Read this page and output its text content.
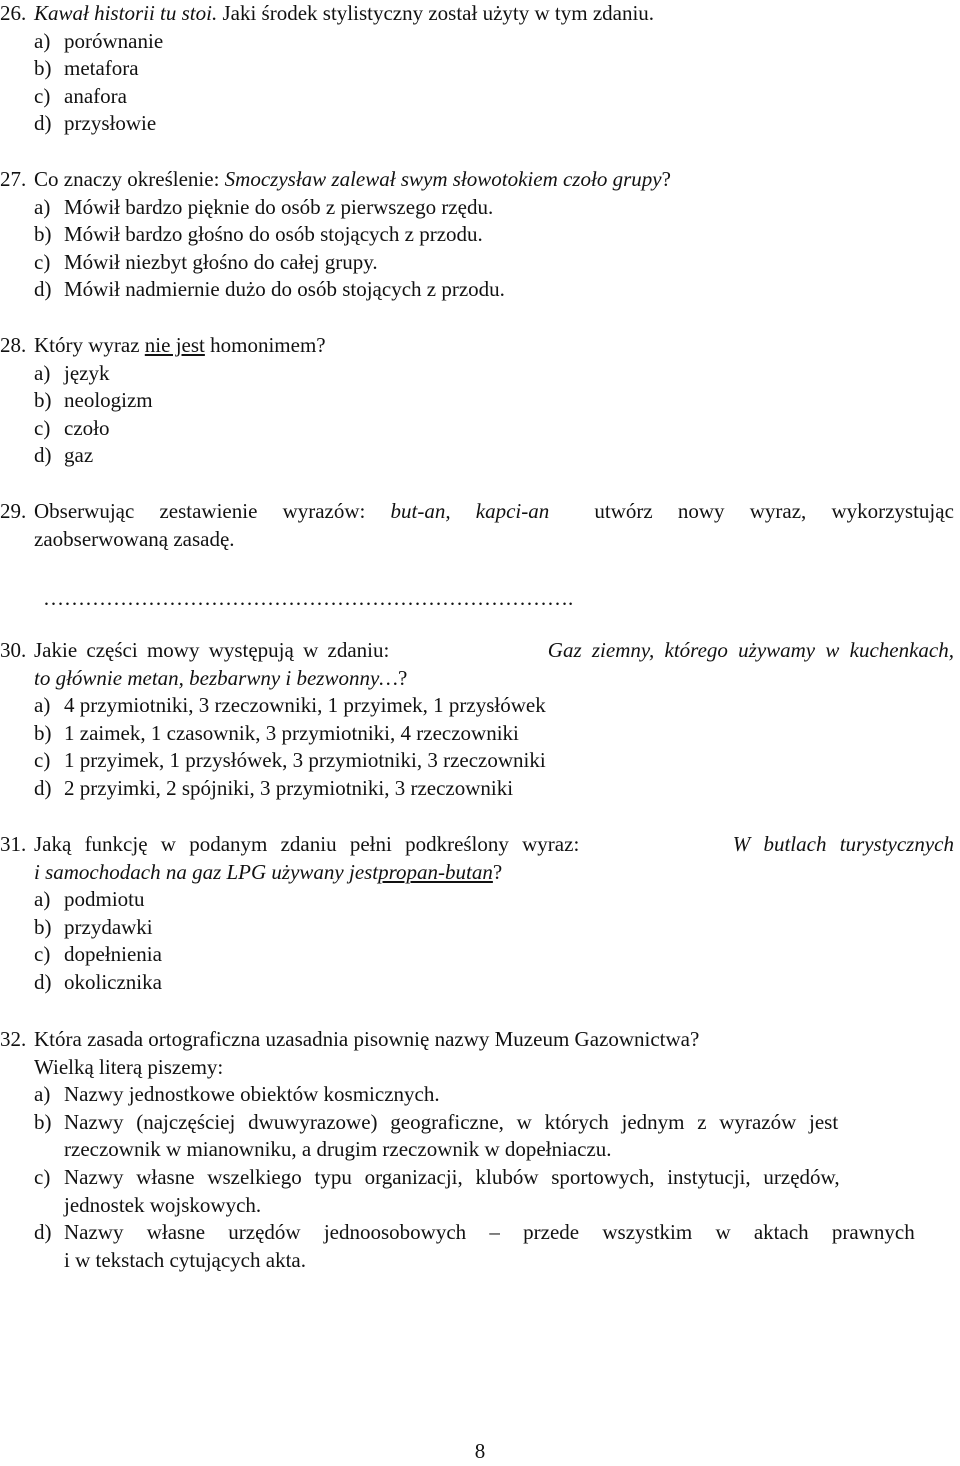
26. Kawał historii tu stoi. Jaki środek stylistyczny został użyty w tym zdaniu.
a) porównanie
b) metafora
c) anafora
d) przysłowie
27. Co znaczy określenie: Smoczysław zalewał swym słowotokiem czoło grupy?
a) Mówił bardzo pięknie do osób z pierwszego rzędu.
b) Mówił bardzo głośno do osób stojących z przodu.
c) Mówił niezbyt głośno do całej grupy.
d) Mówił nadmiernie dużo do osób stojących z przodu.
28. Który wyraz nie jest homonimem?
a) język
b) neologizm
c) czoło
d) gaz
29. Obserwując zestawienie wyrazów: but-an, kapci-an utwórz nowy wyraz, wykorzystując
zaobserwowaną zasadę.
………………………………………………………………….
30. Jakie części mowy występują w zdaniu:	Gaz ziemny, którego używamy w kuchenkach,
to głównie metan, bezbarwny i bezwonny… ?
a) 4 przymiotniki, 3 rzeczowniki, 1 przyimek, 1 przysłówek
b) 1 zaimek, 1 czasownik, 3 przymiotniki, 4 rzeczowniki
c) 1 przyimek, 1 przysłówek, 3 przymiotniki, 3 rzeczowniki
d) 2 przyimki, 2 spójniki, 3 przymiotniki, 3 rzeczowniki
31. Jaką funkcję w podanym zdaniu pełni podkreślony wyraz:	W butlach turystycznych
i samochodach na gaz LPG używany jest propan-butan ?
a) podmiotu
b) przydawki
c) dopełnienia
d) okolicznika
32. Która zasada ortograficzna uzasadnia pisownię nazwy Muzeum Gazownictwa?
Wielką literą piszemy:
a) Nazwy jednostkowe obiektów kosmicznych.
b) Nazwy (najczęściej dwuwyrazowe) geograficzne, w których jednym z wyrazów jest
rzeczownik w mianowniku, a drugim rzeczownik w dopełniaczu.
c) Nazwy własne wszelkiego typu organizacji, klubów sportowych, instytucji, urzędów,
jednostek wojskowych.
d) Nazwy własne urzędów jednoosobowych – przede wszystkim w aktach prawnych
i w tekstach cytujących akta.
8
